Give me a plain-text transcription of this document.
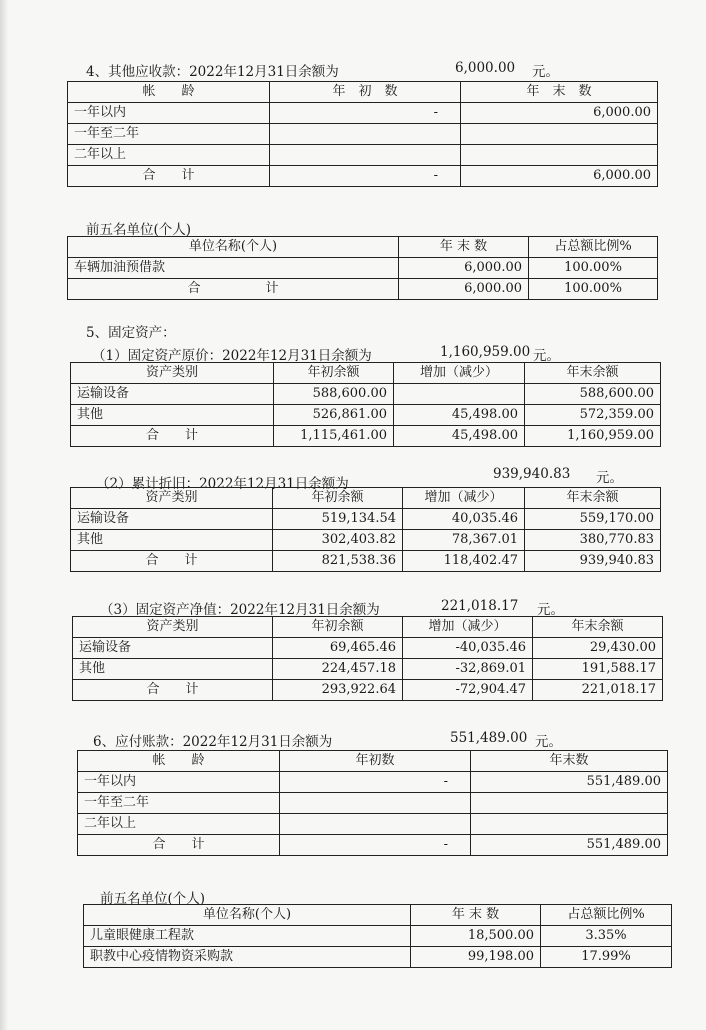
4、其他应收款：2022年12月31日余额为	6,000.00 元。
帐　　龄	年　初　数	年　末　数
一年以内	-	6,000.00
一年至二年		
二年以上		
合　　计	-	6,000.00
前五名单位(个人)
单位名称(个人)	年 末 数	占总额比例%
车辆加油预借款	6,000.00	100.00%
合　　　　　计	6,000.00	100.00%
5、固定资产：
（1）固定资产原价：2022年12月31日余额为	1,160,959.00 元。
资产类别	年初余额	增加（减少）	年末余额
运输设备	588,600.00		588,600.00
其他	526,861.00	45,498.00	572,359.00
合　　计	1,115,461.00	45,498.00	1,160,959.00
（2）累计折旧：2022年12月31日余额为
939,940.83 元。
资产类别	年初余额	增加（减少）	年末余额
运输设备	519,134.54	40,035.46	559,170.00
其他	302,403.82	78,367.01	380,770.83
合　　计	821,538.36	118,402.47	939,940.83
（3）固定资产净值：2022年12月31日余额为	221,018.17 元。
资产类别	年初余额	增加（减少）	年末余额
运输设备	69,465.46	-40,035.46	29,430.00
其他	224,457.18	-32,869.01	191,588.17
合　　计	293,922.64	-72,904.47	221,018.17
6、应付账款：2022年12月31日余额为	551,489.00 元。
帐　　龄	年初数	年末数
一年以内	-	551,489.00
一年至二年		
二年以上		
合　　计	-	551,489.00
前五名单位(个人)
单位名称(个人)	年 末 数	占总额比例%
儿童眼健康工程款	18,500.00	3.35%
职教中心疫情物资采购款	99,198.00	17.99%
